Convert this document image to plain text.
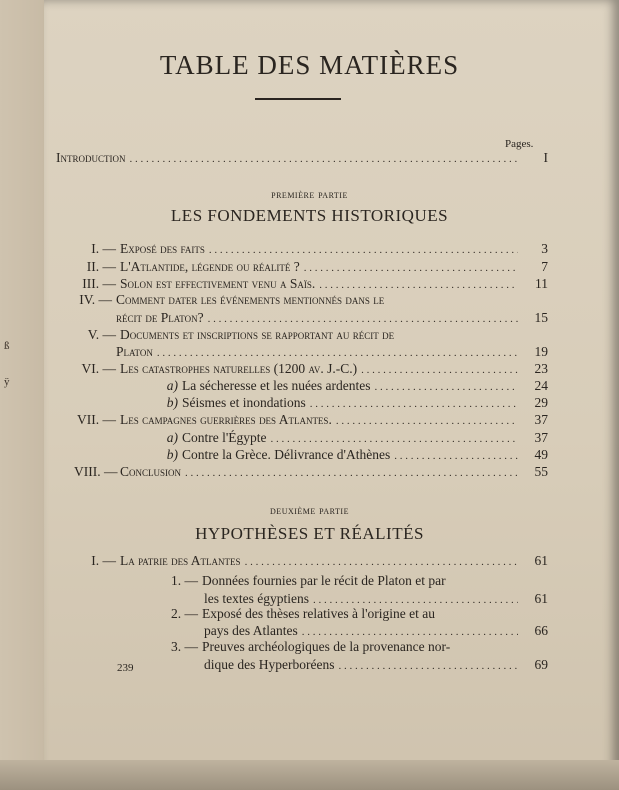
ß
ÿ
TABLE DES MATIÈRES
Pages.
Introduction . . .	I
première partie
LES FONDEMENTS HISTORIQUES
I. — Exposé des faits . . .	3
II. — L'Atlantide, légende ou réalité ? . . .	7
III. — Solon est effectivement venu a Saïs. . . .	11
IV. — Comment dater les événements mentionnés dans le
récit de Platon? . . .	15
V. — Documents et inscriptions se rapportant au récit de
Platon . . .	19
VI. — Les catastrophes naturelles (1200 av. J.-C.) . . .	23
a) La sécheresse et les nuées ardentes . . .	24
b) Séismes et inondations . . .	29
VII. — Les campagnes guerrières des Atlantes. . . .	37
a) Contre l'Égypte . . .	37
b) Contre la Grèce. Délivrance d'Athènes . . .	49
VIII. — Conclusion . . .	55
deuxième partie
HYPOTHÈSES ET RÉALITÉS
I. — La patrie des Atlantes . . .	61
1. — Données fournies par le récit de Platon et par
les textes égyptiens . . .	61
2. — Exposé des thèses relatives à l'origine et au
pays des Atlantes . . .	66
3. — Preuves archéologiques de la provenance nor-
dique des Hyperboréens . . .	69
239
